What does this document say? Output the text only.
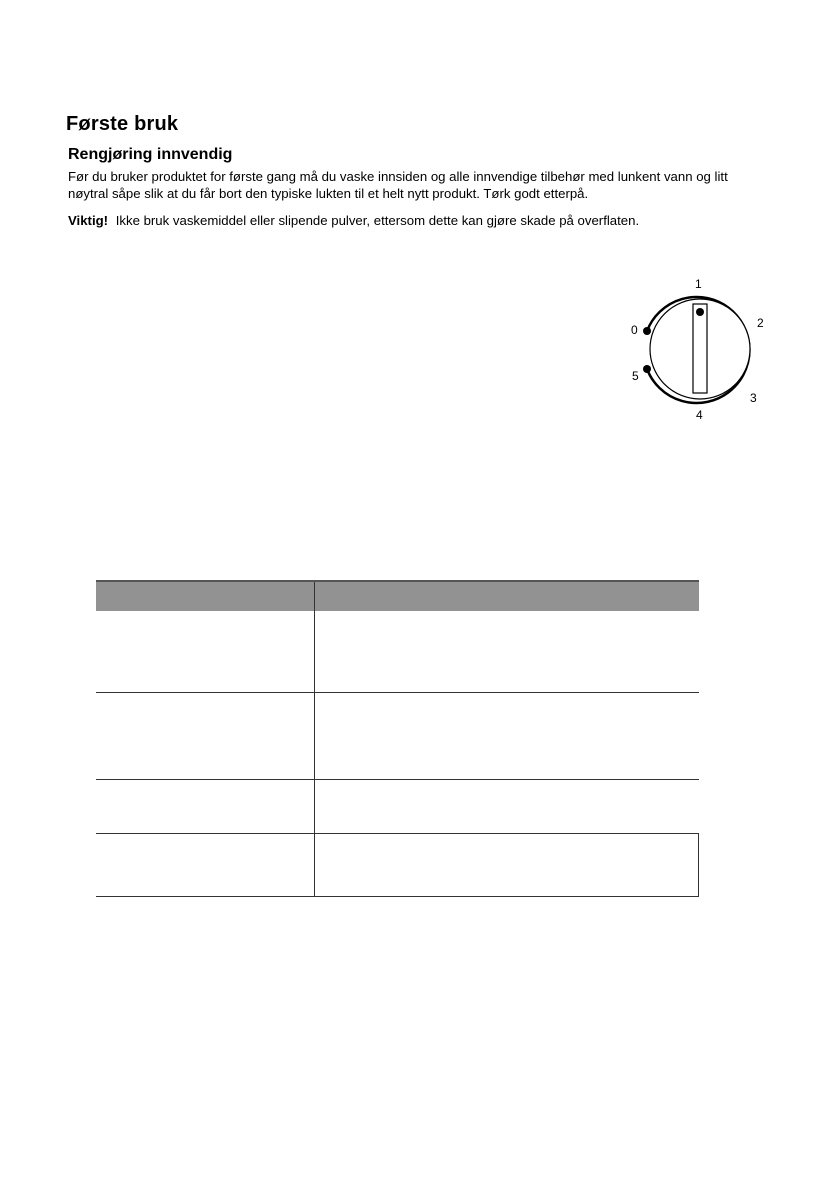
Første bruk
Rengjøring innvendig

Før du bruker produktet for første gang må du vaske innsiden og alle innvendige tilbehør med lunkent vann og litt
nøytral såpe slik at du får bort den typiske lukten til et helt nytt produkt. Tørk godt etterpå.

Viktig! Ikke bruk vaskemiddel eller slipende pulver, ettersom dette kan gjøre skade på overflaten.

0
1
2
3
4
5
